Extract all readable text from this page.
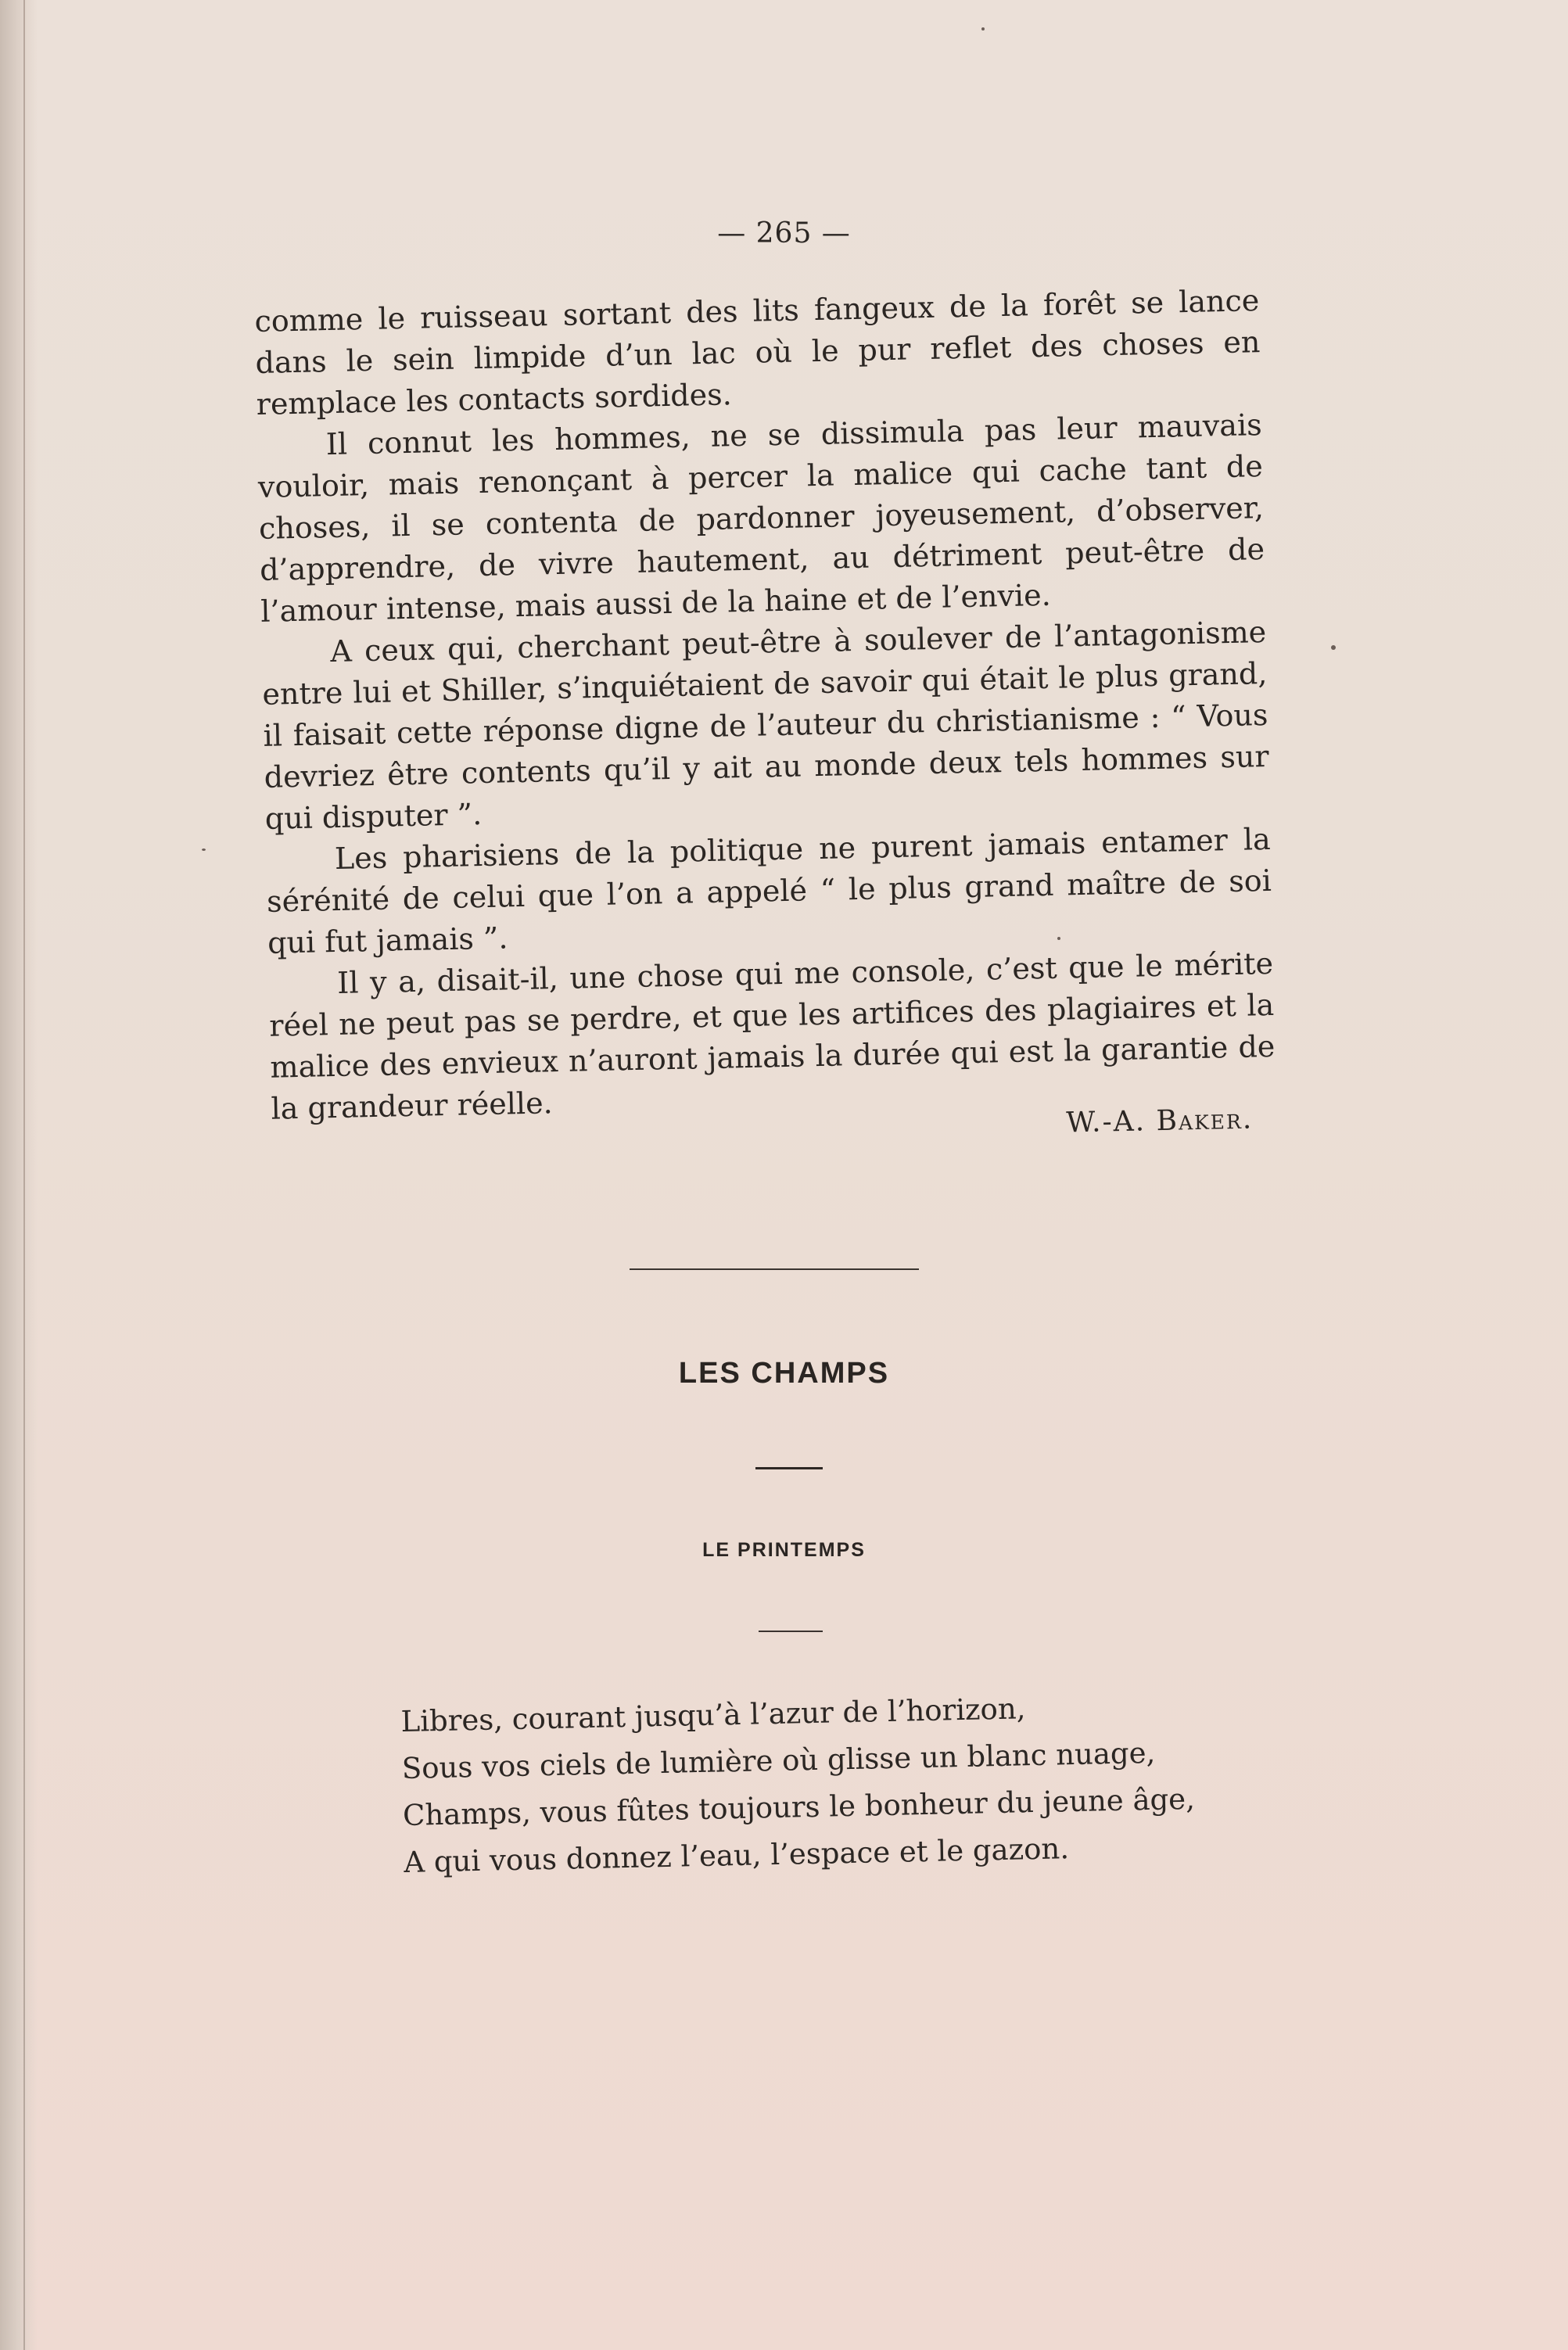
— 265 —

comme le ruisseau sortant des lits fangeux de la forêt se lance dans le sein limpide d’un lac où le pur reflet des choses en remplace les contacts sordides.

Il connut les hommes, ne se dissimula pas leur mauvais vouloir, mais renonçant à percer la malice qui cache tant de choses, il se contenta de pardonner joyeusement, d’observer, d’apprendre, de vivre hautement, au détriment peut-être de l’amour intense, mais aussi de la haine et de l’envie.

A ceux qui, cherchant peut-être à soulever de l’antagonisme entre lui et Shiller, s’inquiétaient de savoir qui était le plus grand, il faisait cette réponse digne de l’auteur du christianisme : “ Vous devriez être contents qu’il y ait au monde deux tels hommes sur qui disputer ”.

Les pharisiens de la politique ne purent jamais entamer la sérénité de celui que l’on a appelé “ le plus grand maître de soi qui fut jamais ”.

Il y a, disait-il, une chose qui me console, c’est que le mérite réel ne peut pas se perdre, et que les artifices des plagiaires et la malice des envieux n’auront jamais la durée qui est la garantie de la grandeur réelle.	W.-A. Baker.
LES CHAMPS
LE PRINTEMPS
Libres, courant jusqu’à l’azur de l’horizon,
Sous vos ciels de lumière où glisse un blanc nuage,
Champs, vous fûtes toujours le bonheur du jeune âge,
A qui vous donnez l’eau, l’espace et le gazon.
